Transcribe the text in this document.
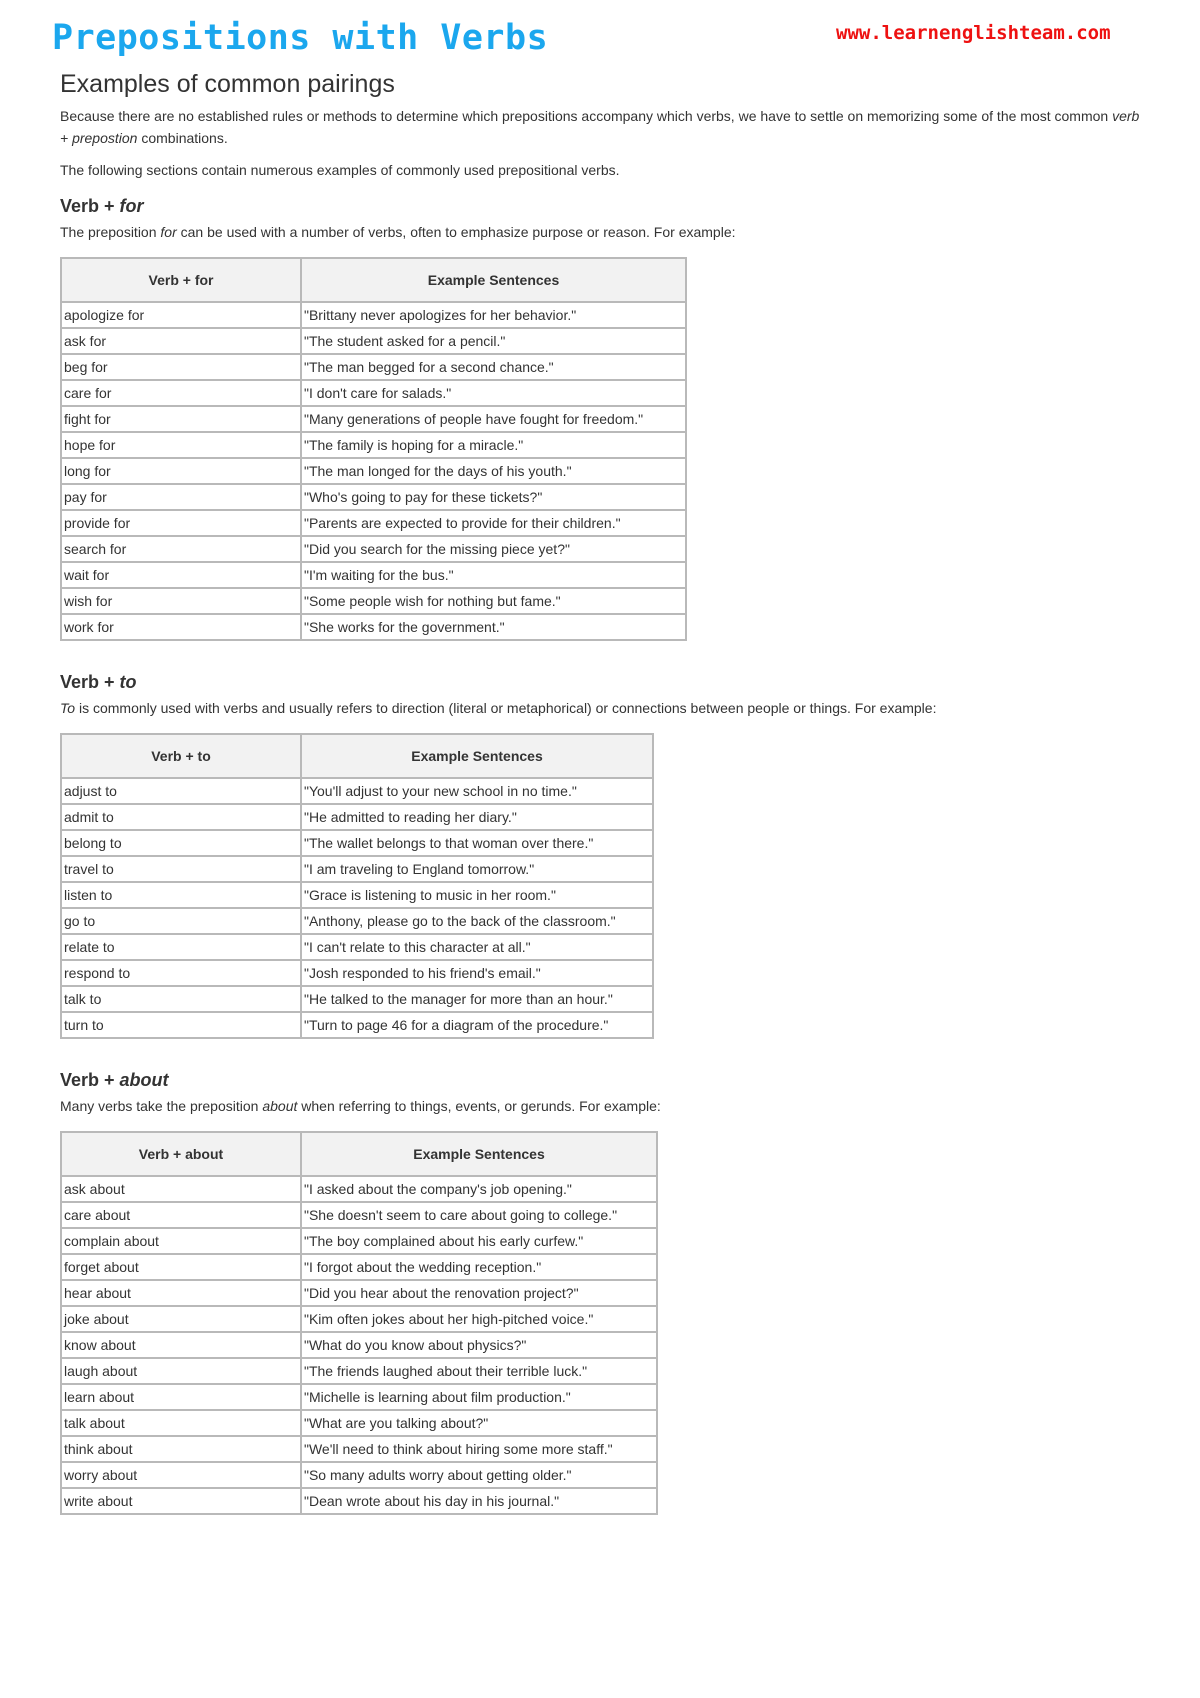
Prepositions with Verbs	www.learnenglishteam.com
Examples of common pairings

Because there are no established rules or methods to determine which prepositions accompany which verbs, we have to settle on memorizing some of the most common verb + prepostion combinations.

The following sections contain numerous examples of commonly used prepositional verbs.

Verb + for

The preposition for can be used with a number of verbs, often to emphasize purpose or reason. For example:

Verb + for	Example Sentences
apologize for	"Brittany never apologizes for her behavior."
ask for	"The student asked for a pencil."
beg for	"The man begged for a second chance."
care for	"I don't care for salads."
fight for	"Many generations of people have fought for freedom."
hope for	"The family is hoping for a miracle."
long for	"The man longed for the days of his youth."
pay for	"Who's going to pay for these tickets?"
provide for	"Parents are expected to provide for their children."
search for	"Did you search for the missing piece yet?"
wait for	"I'm waiting for the bus."
wish for	"Some people wish for nothing but fame."
work for	"She works for the government."
Verb + to

To is commonly used with verbs and usually refers to direction (literal or metaphorical) or connections between people or things. For example:

Verb + to	Example Sentences
adjust to	"You'll adjust to your new school in no time."
admit to	"He admitted to reading her diary."
belong to	"The wallet belongs to that woman over there."
travel to	"I am traveling to England tomorrow."
listen to	"Grace is listening to music in her room."
go to	"Anthony, please go to the back of the classroom."
relate to	"I can't relate to this character at all."
respond to	"Josh responded to his friend's email."
talk to	"He talked to the manager for more than an hour."
turn to	"Turn to page 46 for a diagram of the procedure."
Verb + about

Many verbs take the preposition about when referring to things, events, or gerunds. For example:

Verb + about	Example Sentences
ask about	"I asked about the company's job opening."
care about	"She doesn't seem to care about going to college."
complain about	"The boy complained about his early curfew."
forget about	"I forgot about the wedding reception."
hear about	"Did you hear about the renovation project?"
joke about	"Kim often jokes about her high-pitched voice."
know about	"What do you know about physics?"
laugh about	"The friends laughed about their terrible luck."
learn about	"Michelle is learning about film production."
talk about	"What are you talking about?"
think about	"We'll need to think about hiring some more staff."
worry about	"So many adults worry about getting older."
write about	"Dean wrote about his day in his journal."
